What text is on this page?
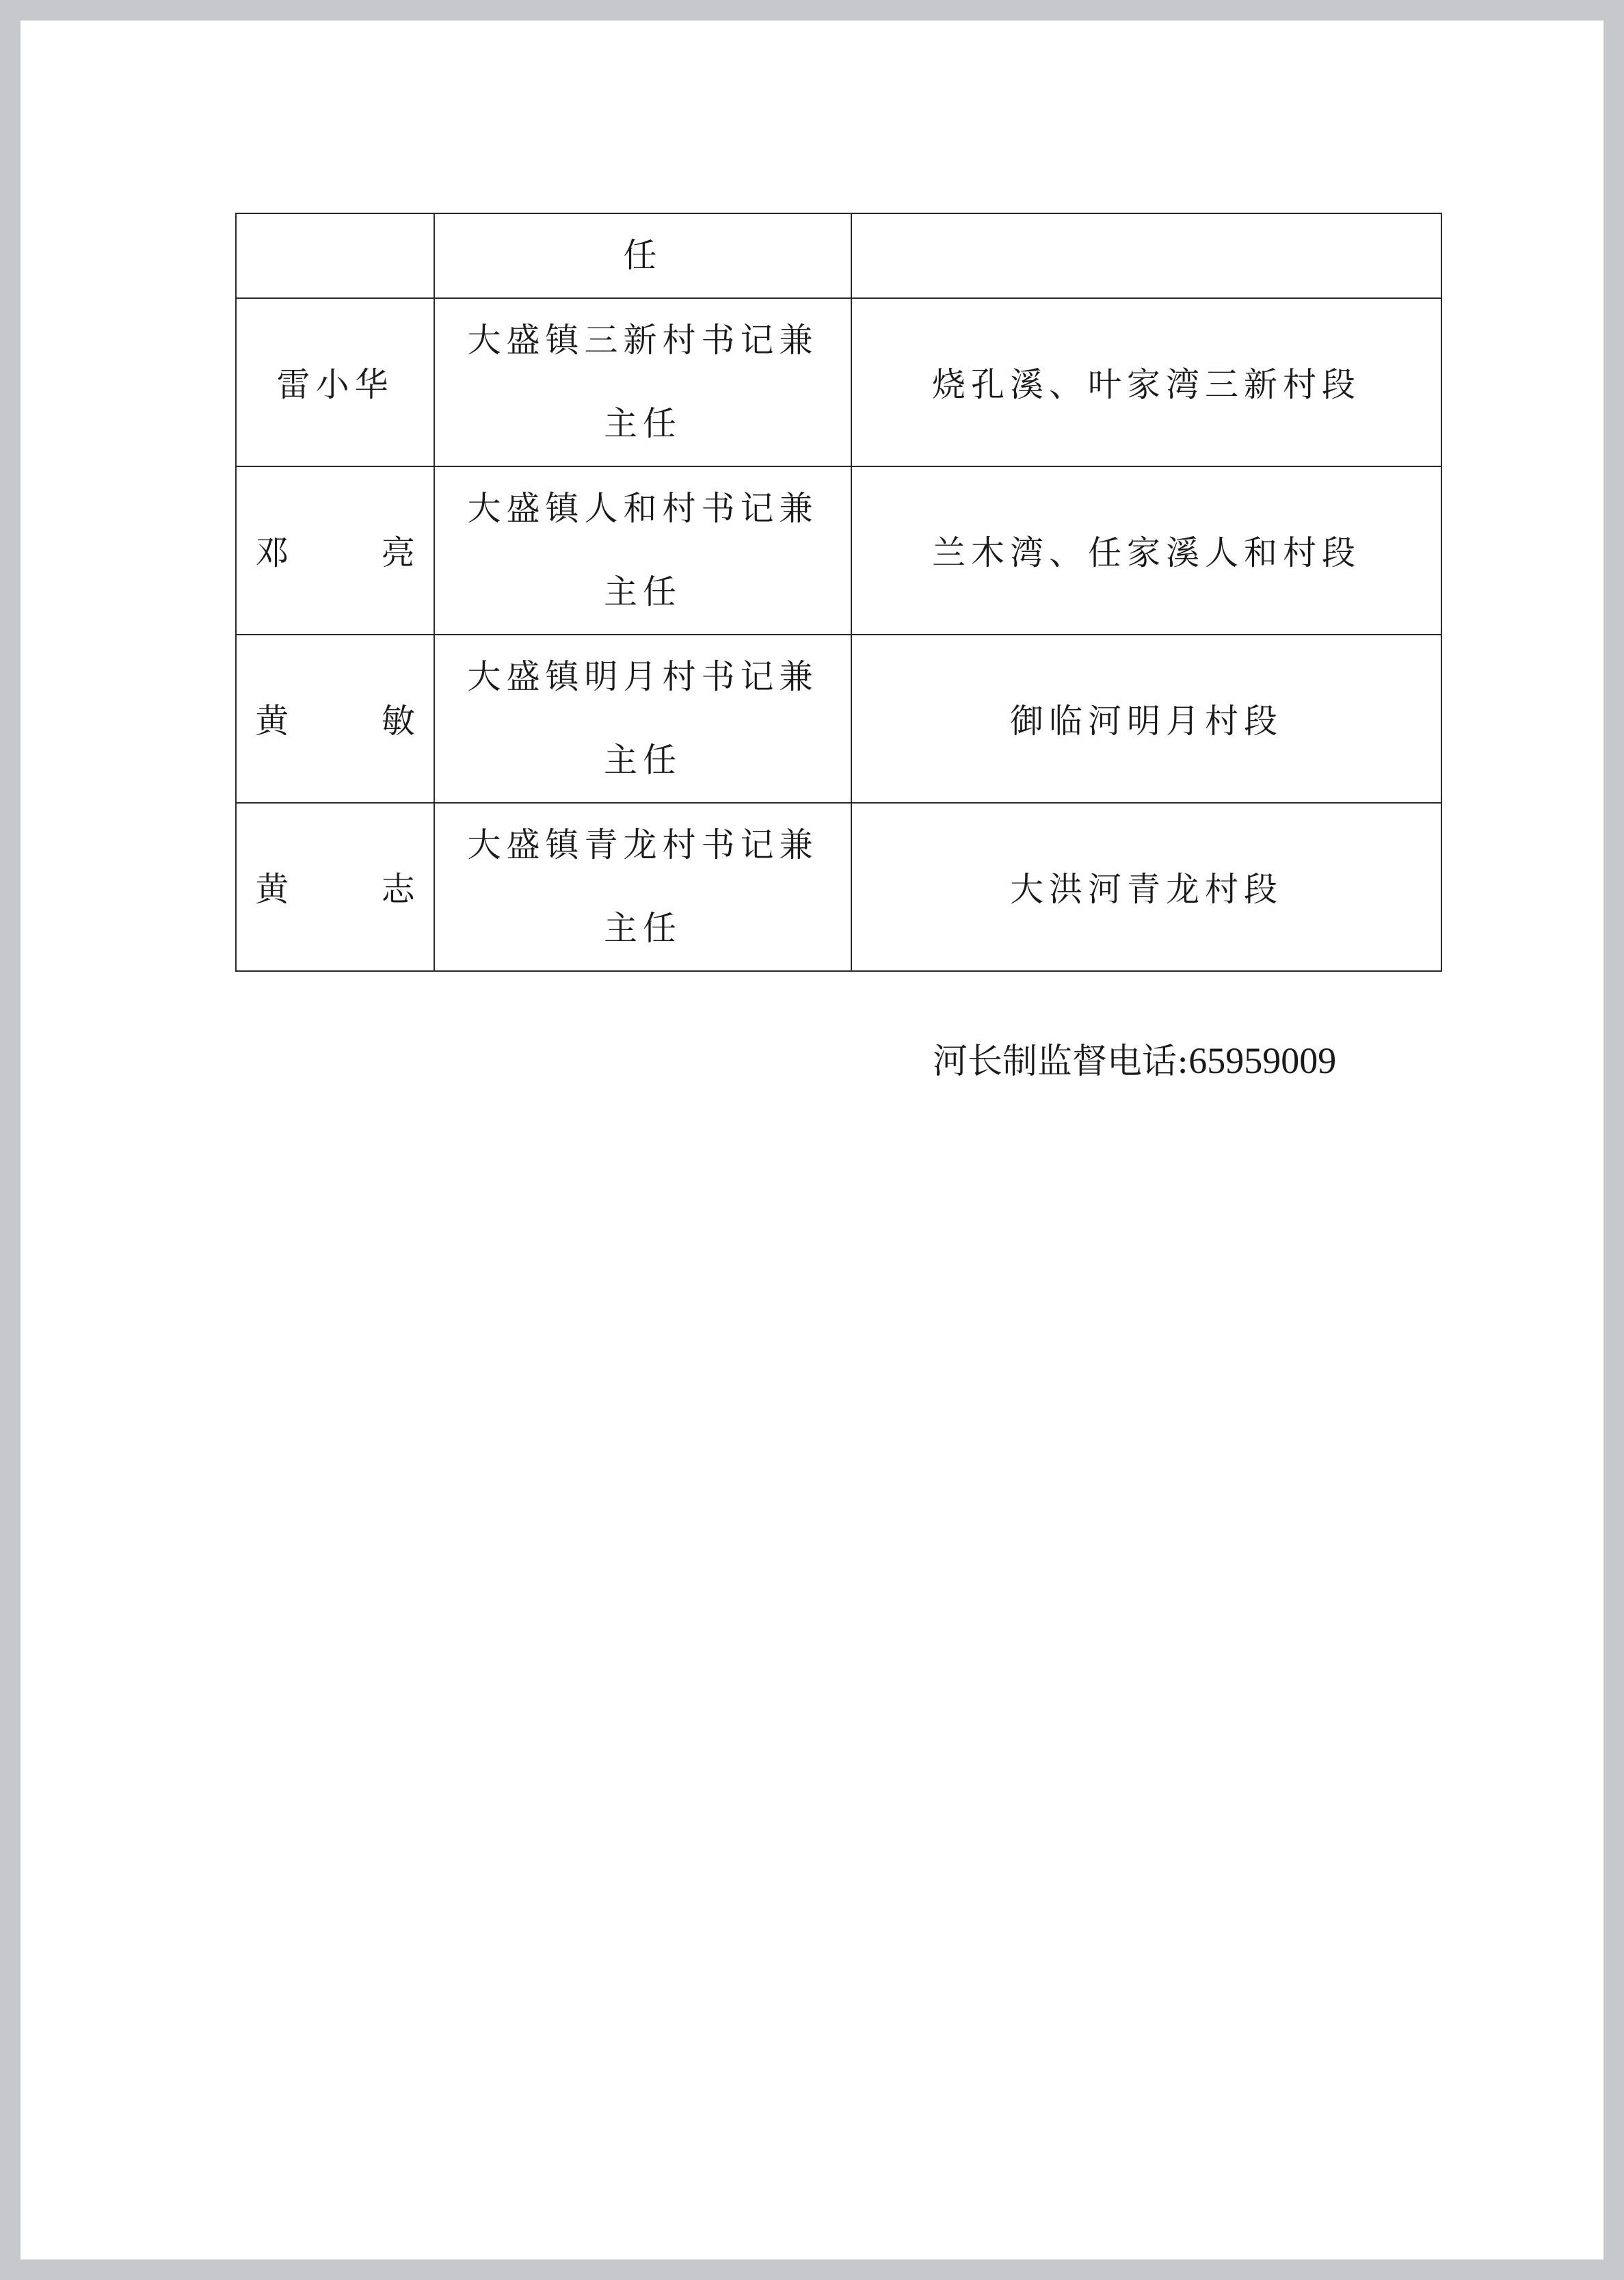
	任	

雷小华	大盛镇三新村书记兼主任	烧孔溪、叶家湾三新村段
邓 亮	大盛镇人和村书记兼主任	兰木湾、任家溪人和村段
黄 敏	大盛镇明月村书记兼主任	御临河明月村段
黄 志	大盛镇青龙村书记兼主任	大洪河青龙村段
河长制监督电话:65959009
